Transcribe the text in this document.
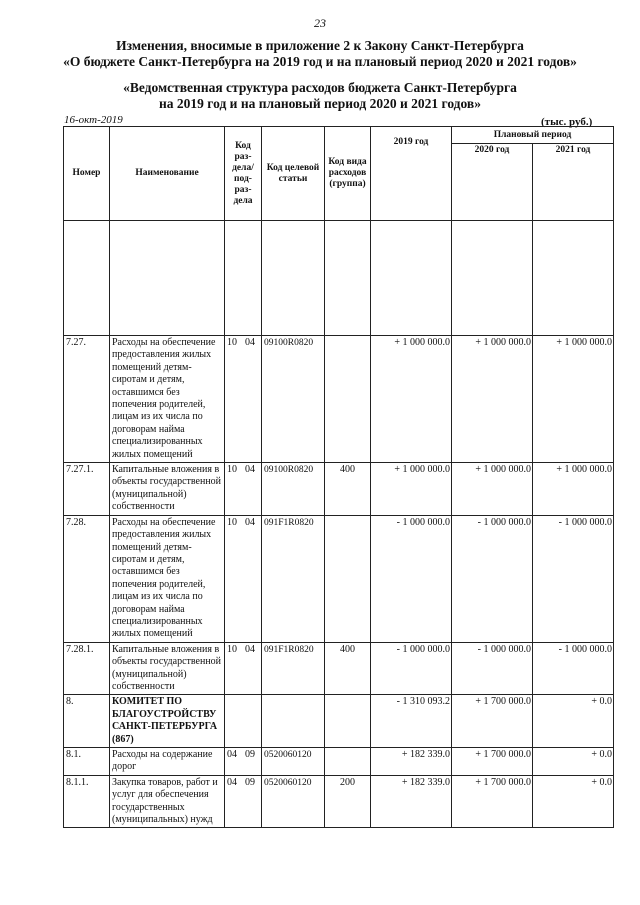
23
Изменения, вносимые в приложение 2 к Закону Санкт-Петербурга
«О бюджете Санкт-Петербурга на 2019 год и на плановый период 2020 и 2021 годов»
«Ведомственная структура расходов бюджета Санкт-Петербурга
на 2019 год и на плановый период 2020 и 2021 годов»
16-окт-2019	(тыс. руб.)
Номер	Наименование	Код раз-дела/ под-раз-дела	Код целевой статьи	Код вида расходов (группа)	2019 год	Плановый период	
						2020 год	2021 год

7.27.	Расходы на обеспечение предоставления жилых помещений детям-сиротам и детям, оставшимся без попечения родителей, лицам из их числа по договорам найма специализированных жилых помещений	10 04	09100R0820		+ 1 000 000.0	+ 1 000 000.0	+ 1 000 000.0
7.27.1.	Капитальные вложения в объекты государственной (муниципальной) собственности	10 04	09100R0820	400	+ 1 000 000.0	+ 1 000 000.0	+ 1 000 000.0
7.28.	Расходы на обеспечение предоставления жилых помещений детям-сиротам и детям, оставшимся без попечения родителей, лицам из их числа по договорам найма специализированных жилых помещений	10 04	091F1R0820		- 1 000 000.0	- 1 000 000.0	- 1 000 000.0
7.28.1.	Капитальные вложения в объекты государственной (муниципальной) собственности	10 04	091F1R0820	400	- 1 000 000.0	- 1 000 000.0	- 1 000 000.0
8.	КОМИТЕТ ПО БЛАГОУСТРОЙСТВУ САНКТ-ПЕТЕРБУРГА (867)				- 1 310 093.2	+ 1 700 000.0	+ 0.0
8.1.	Расходы на содержание дорог	04 09	0520060120		+ 182 339.0	+ 1 700 000.0	+ 0.0
8.1.1.	Закупка товаров, работ и услуг для обеспечения государственных (муниципальных) нужд	04 09	0520060120	200	+ 182 339.0	+ 1 700 000.0	+ 0.0
